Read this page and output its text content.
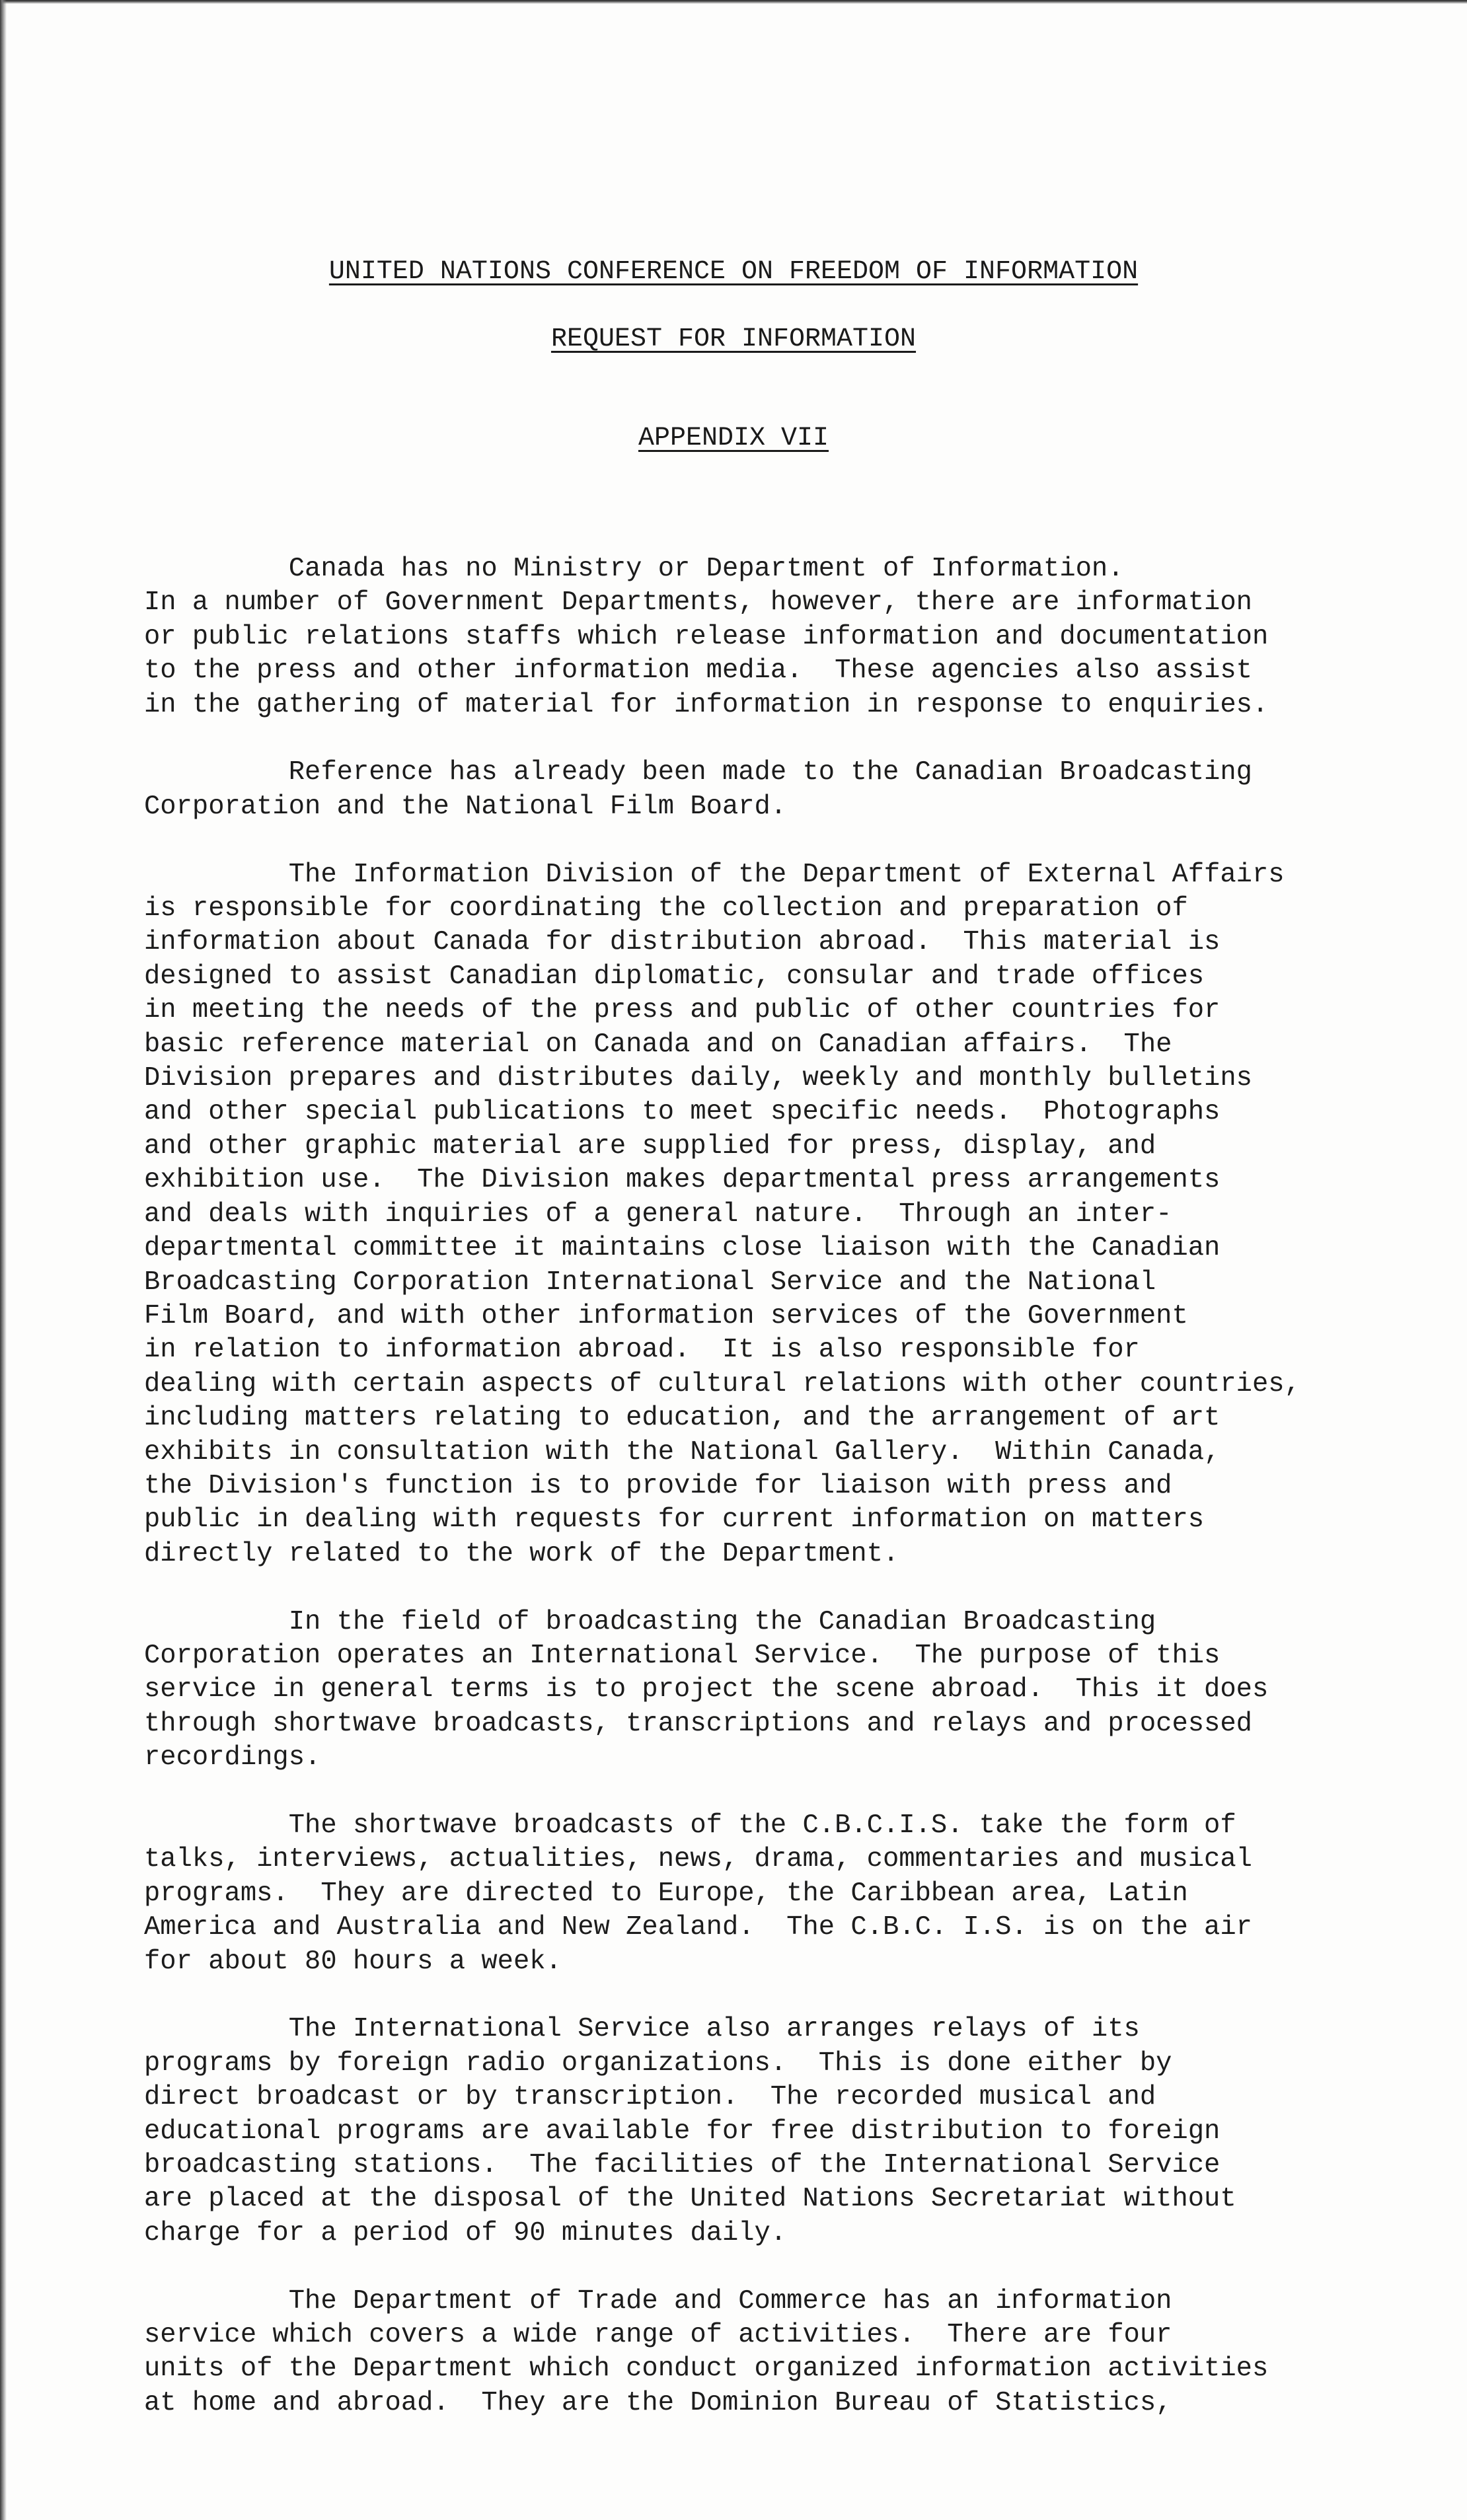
UNITED NATIONS CONFERENCE ON FREEDOM OF INFORMATION
REQUEST FOR INFORMATION
APPENDIX VII
Canada has no Ministry or Department of Information.
In a number of Government Departments, however, there are information
or public relations staffs which release information and documentation
to the press and other information media.  These agencies also assist
in the gathering of material for information in response to enquiries.
Reference has already been made to the Canadian Broadcasting
Corporation and the National Film Board.
The Information Division of the Department of External Affairs
is responsible for coordinating the collection and preparation of
information about Canada for distribution abroad.  This material is
designed to assist Canadian diplomatic, consular and trade offices
in meeting the needs of the press and public of other countries for
basic reference material on Canada and on Canadian affairs.  The
Division prepares and distributes daily, weekly and monthly bulletins
and other special publications to meet specific needs.  Photographs
and other graphic material are supplied for press, display, and
exhibition use.  The Division makes departmental press arrangements
and deals with inquiries of a general nature.  Through an inter-
departmental committee it maintains close liaison with the Canadian
Broadcasting Corporation International Service and the National
Film Board, and with other information services of the Government
in relation to information abroad.  It is also responsible for
dealing with certain aspects of cultural relations with other countries,
including matters relating to education, and the arrangement of art
exhibits in consultation with the National Gallery.  Within Canada,
the Division's function is to provide for liaison with press and
public in dealing with requests for current information on matters
directly related to the work of the Department.
In the field of broadcasting the Canadian Broadcasting
Corporation operates an International Service.  The purpose of this
service in general terms is to project the scene abroad.  This it does
through shortwave broadcasts, transcriptions and relays and processed
recordings.
The shortwave broadcasts of the C.B.C.I.S. take the form of
talks, interviews, actualities, news, drama, commentaries and musical
programs.  They are directed to Europe, the Caribbean area, Latin
America and Australia and New Zealand.  The C.B.C. I.S. is on the air
for about 80 hours a week.
The International Service also arranges relays of its
programs by foreign radio organizations.  This is done either by
direct broadcast or by transcription.  The recorded musical and
educational programs are available for free distribution to foreign
broadcasting stations.  The facilities of the International Service
are placed at the disposal of the United Nations Secretariat without
charge for a period of 90 minutes daily.
The Department of Trade and Commerce has an information
service which covers a wide range of activities.  There are four
units of the Department which conduct organized information activities
at home and abroad.  They are the Dominion Bureau of Statistics,
